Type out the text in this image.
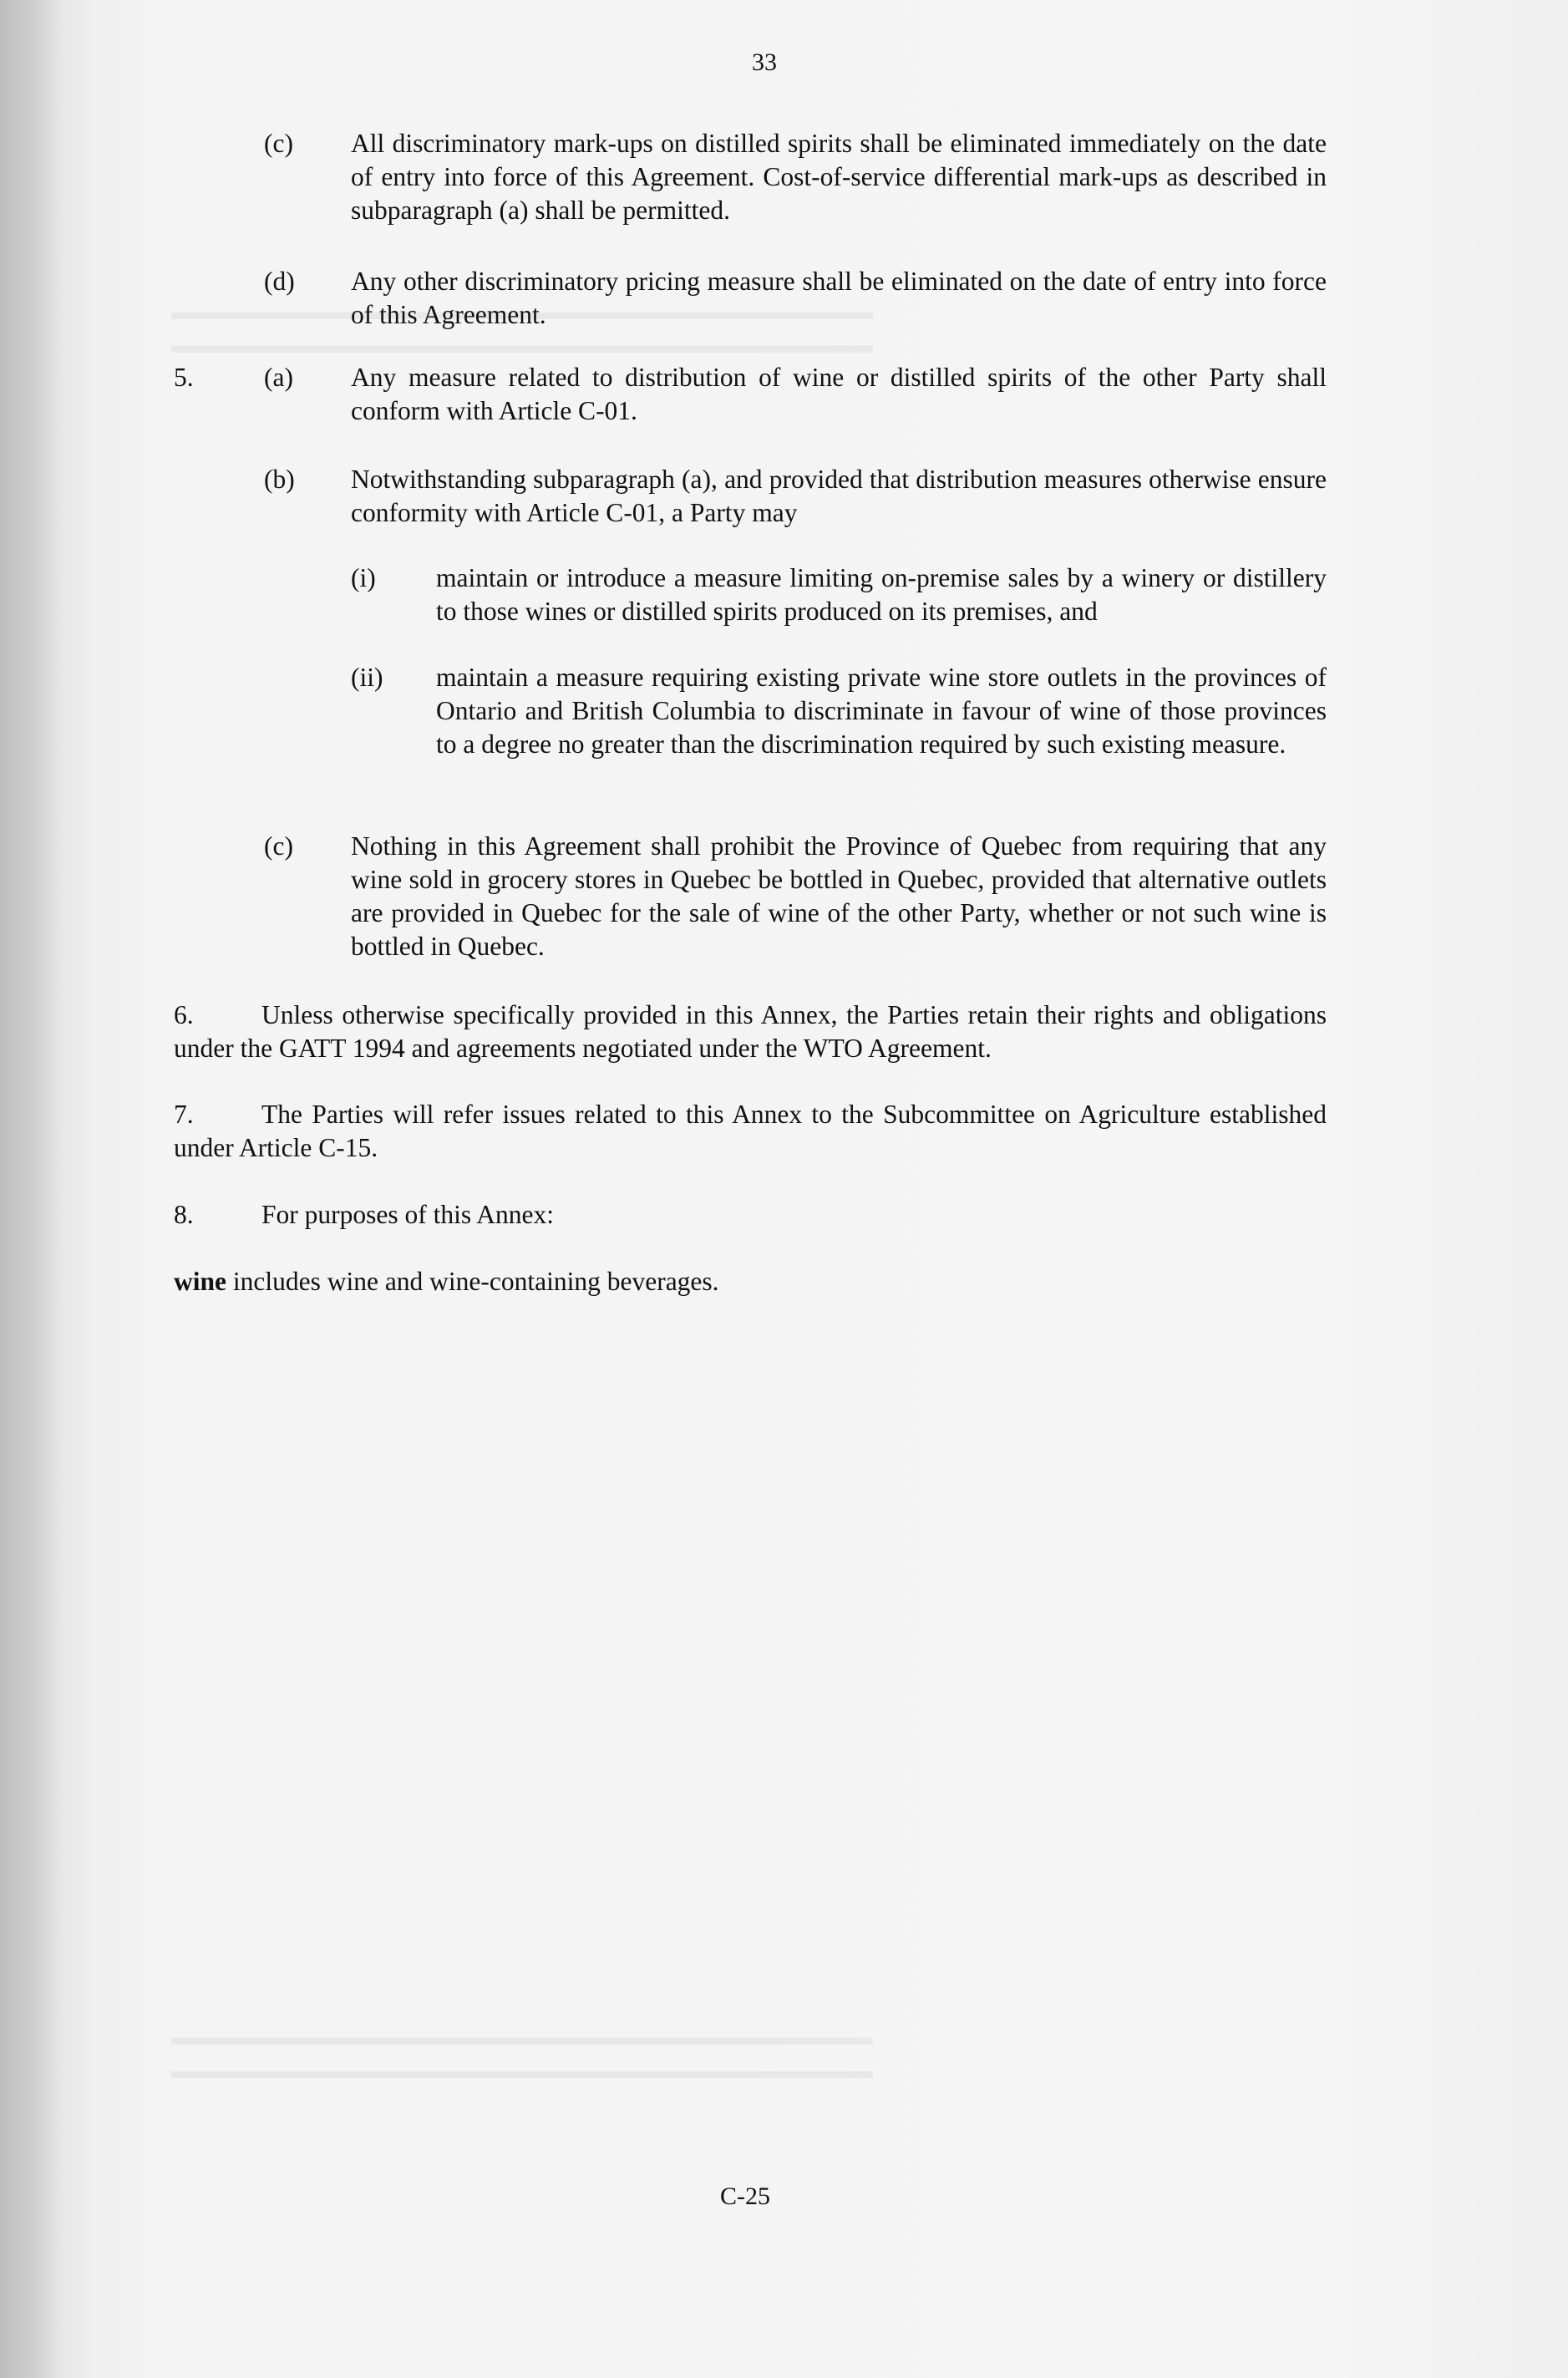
33
(c) All discriminatory mark-ups on distilled spirits shall be eliminated immediately on the date of entry into force of this Agreement. Cost-of-service differential mark-ups as described in subparagraph (a) shall be permitted.
(d) Any other discriminatory pricing measure shall be eliminated on the date of entry into force of this Agreement.
5.	(a) Any measure related to distribution of wine or distilled spirits of the other Party shall conform with Article C-01.
(b) Notwithstanding subparagraph (a), and provided that distribution measures otherwise ensure conformity with Article C-01, a Party may
(i) maintain or introduce a measure limiting on-premise sales by a winery or distillery to those wines or distilled spirits produced on its premises, and
(ii) maintain a measure requiring existing private wine store outlets in the provinces of Ontario and British Columbia to discriminate in favour of wine of those provinces to a degree no greater than the discrimination required by such existing measure.
(c) Nothing in this Agreement shall prohibit the Province of Quebec from requiring that any wine sold in grocery stores in Quebec be bottled in Quebec, provided that alternative outlets are provided in Quebec for the sale of wine of the other Party, whether or not such wine is bottled in Quebec.
6.	Unless otherwise specifically provided in this Annex, the Parties retain their rights and obligations under the GATT 1994 and agreements negotiated under the WTO Agreement.
7.	The Parties will refer issues related to this Annex to the Subcommittee on Agriculture established under Article C-15.
8.	For purposes of this Annex:
wine includes wine and wine-containing beverages.
C-25
